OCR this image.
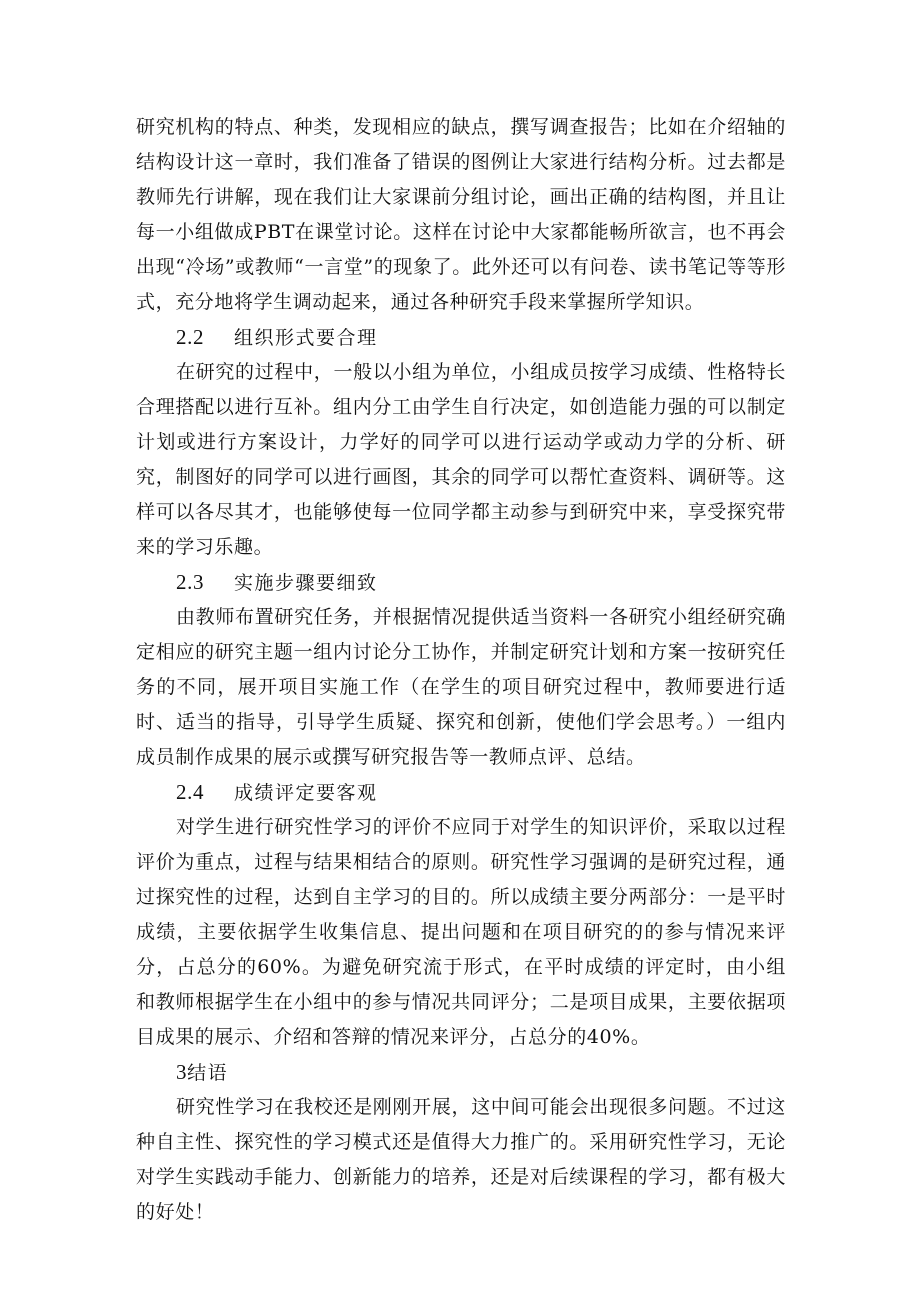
研究机构的特点、种类，发现相应的缺点，撰写调查报告；比如在介绍轴的结构设计这一章时，我们准备了错误的图例让大家进行结构分析。过去都是教师先行讲解，现在我们让大家课前分组讨论，画出正确的结构图，并且让每一小组做成PBT在课堂讨论。这样在讨论中大家都能畅所欲言，也不再会出现“冷场”或教师“一言堂”的现象了。此外还可以有问卷、读书笔记等等形式，充分地将学生调动起来，通过各种研究手段来掌握所学知识。

2.2 组织形式要合理

在研究的过程中，一般以小组为单位，小组成员按学习成绩、性格特长合理搭配以进行互补。组内分工由学生自行决定，如创造能力强的可以制定计划或进行方案设计，力学好的同学可以进行运动学或动力学的分析、研究，制图好的同学可以进行画图，其余的同学可以帮忙查资料、调研等。这样可以各尽其才，也能够使每一位同学都主动参与到研究中来，享受探究带来的学习乐趣。

2.3 实施步骤要细致

由教师布置研究任务，并根据情况提供适当资料一各研究小组经研究确定相应的研究主题一组内讨论分工协作，并制定研究计划和方案一按研究任务的不同，展开项目实施工作（在学生的项目研究过程中，教师要进行适时、适当的指导，引导学生质疑、探究和创新，使他们学会思考。）一组内成员制作成果的展示或撰写研究报告等一教师点评、总结。

2.4 成绩评定要客观

对学生进行研究性学习的评价不应同于对学生的知识评价，采取以过程评价为重点，过程与结果相结合的原则。研究性学习强调的是研究过程，通过探究性的过程，达到自主学习的目的。所以成绩主要分两部分：一是平时成绩，主要依据学生收集信息、提出问题和在项目研究的的参与情况来评分，占总分的60%。为避免研究流于形式，在平时成绩的评定时，由小组和教师根据学生在小组中的参与情况共同评分；二是项目成果，主要依据项目成果的展示、介绍和答辩的情况来评分，占总分的40%。

3结语

研究性学习在我校还是刚刚开展，这中间可能会出现很多问题。不过这种自主性、探究性的学习模式还是值得大力推广的。采用研究性学习，无论对学生实践动手能力、创新能力的培养，还是对后续课程的学习，都有极大的好处！
